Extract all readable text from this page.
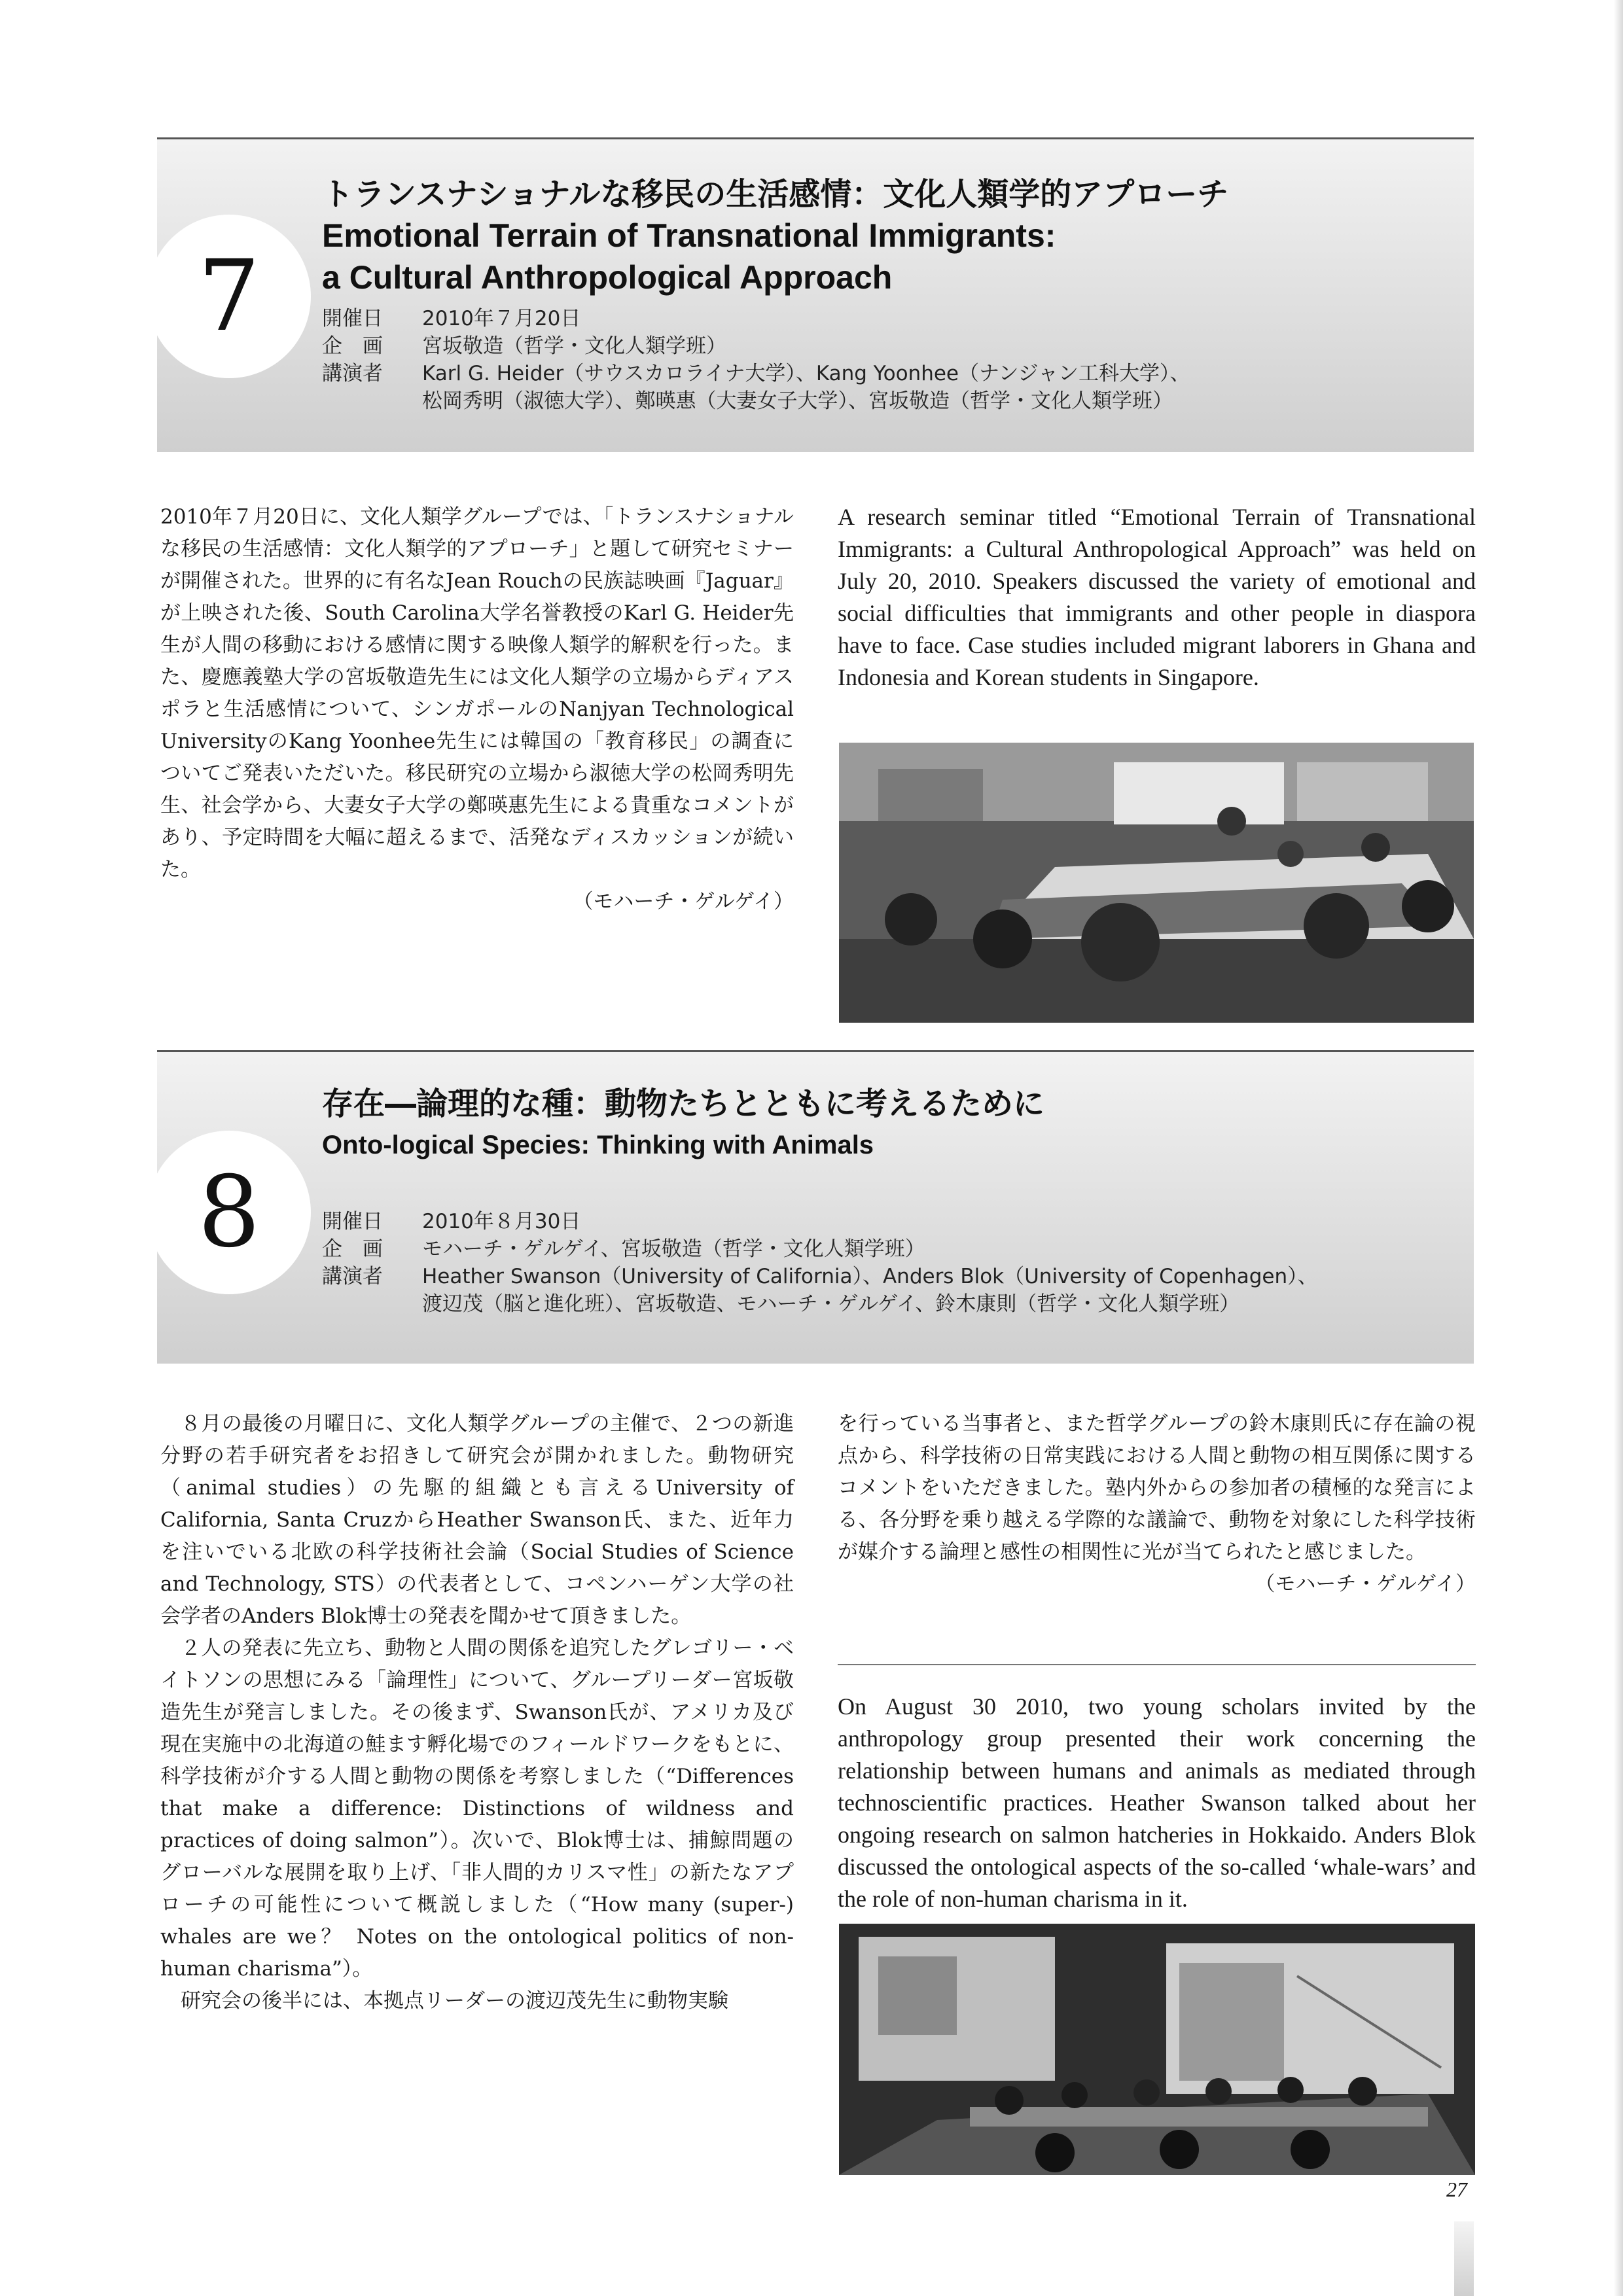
7
トランスナショナルな移民の生活感情：文化人類学的アプローチ
Emotional Terrain of Transnational Immigrants:
a Cultural Anthropological Approach
開催日	2010年７月20日
企　画	宮坂敬造（哲学・文化人類学班）
講演者	Karl G. Heider（サウスカロライナ大学）、Kang Yoonhee（ナンジャン工科大学）、
松岡秀明（淑徳大学）、鄭暎惠（大妻女子大学）、宮坂敬造（哲学・文化人類学班）

2010年７月20日に、文化人類学グループでは、「トランスナショナルな移民の生活感情：文化人類学的アプローチ」と題して研究セミナーが開催された。世界的に有名なJean Rouchの民族誌映画『Jaguar』が上映された後、South Carolina大学名誉教授のKarl G. Heider先生が人間の移動における感情に関する映像人類学的解釈を行った。また、慶應義塾大学の宮坂敬造先生には文化人類学の立場からディアスポラと生活感情について、シンガポールのNanjyan Technological UniversityのKang Yoonhee先生には韓国の「教育移民」の調査についてご発表いただいた。移民研究の立場から淑徳大学の松岡秀明先生、社会学から、大妻女子大学の鄭暎惠先生による貴重なコメントがあり、予定時間を大幅に超えるまで、活発なディスカッションが続いた。

（モハーチ・ゲルゲイ）

A research seminar titled “Emotional Terrain of Transnational Immigrants: a Cultural Anthropological Approach” was held on July 20, 2010. Speakers discussed the variety of emotional and social difficulties that immigrants and other people in diaspora have to face. Case studies included migrant laborers in Ghana and Indonesia and Korean students in Singapore.
8
存在―論理的な種：動物たちとともに考えるために
Onto-logical Species: Thinking with Animals
開催日	2010年８月30日
企　画	モハーチ・ゲルゲイ、宮坂敬造（哲学・文化人類学班）
講演者	Heather Swanson（University of California）、Anders Blok（University of Copenhagen）、
渡辺茂（脳と進化班）、宮坂敬造、モハーチ・ゲルゲイ、鈴木康則（哲学・文化人類学班）

８月の最後の月曜日に、文化人類学グループの主催で、２つの新進分野の若手研究者をお招きして研究会が開かれました。動物研究（animal studies）の先駆的組織とも言えるUniversity of California, Santa CruzからHeather Swanson氏、また、近年力を注いでいる北欧の科学技術社会論（Social Studies of Science and Technology, STS）の代表者として、コペンハーゲン大学の社会学者のAnders Blok博士の発表を聞かせて頂きました。

２人の発表に先立ち、動物と人間の関係を追究したグレゴリー・ベイトソンの思想にみる「論理性」について、グループリーダー宮坂敬造先生が発言しました。その後まず、Swanson氏が、アメリカ及び現在実施中の北海道の鮭ます孵化場でのフィールドワークをもとに、科学技術が介する人間と動物の関係を考察しました（“Differences that make a difference: Distinctions of wildness and practices of doing salmon”）。次いで、Blok博士は、捕鯨問題のグローバルな展開を取り上げ、「非人間的カリスマ性」の新たなアプローチの可能性について概説しました（“How many (super-) whales are we？ Notes on the ontological politics of non-human charisma”）。

研究会の後半には、本拠点リーダーの渡辺茂先生に動物実験

を行っている当事者と、また哲学グループの鈴木康則氏に存在論の視点から、科学技術の日常実践における人間と動物の相互関係に関するコメントをいただきました。塾内外からの参加者の積極的な発言による、各分野を乗り越える学際的な議論で、動物を対象にした科学技術が媒介する論理と感性の相関性に光が当てられたと感じました。

（モハーチ・ゲルゲイ）

On August 30 2010, two young scholars invited by the anthropology group presented their work concerning the relationship between humans and animals as mediated through technoscientific practices. Heather Swanson talked about her ongoing research on salmon hatcheries in Hokkaido. Anders Blok discussed the ontological aspects of the so-called ‘whale-wars’ and the role of non-human charisma in it.
27
